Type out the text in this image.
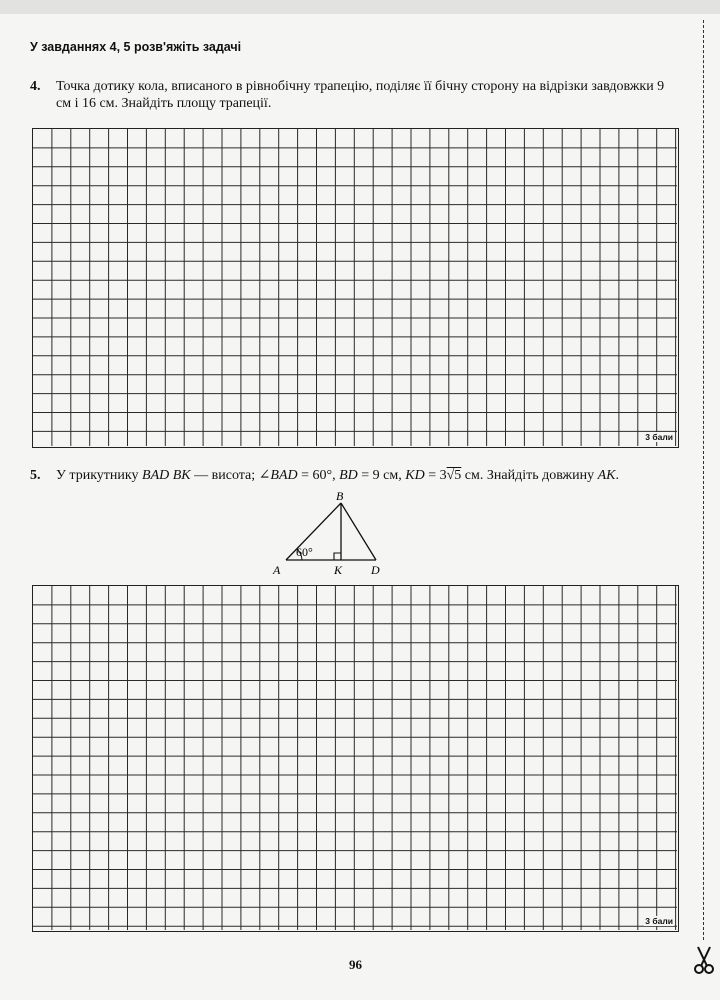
У завданнях 4, 5 розв'яжіть задачі
4. Точка дотику кола, вписаного в рівнобічну трапецію, поділяє її бічну сторону на відрізки завдовжки 9 см і 16 см. Знайдіть площу трапеції.
3 бали
5. У трикутнику BAD BK — висота; ∠BAD = 60°, BD = 9 см, KD = 3√5 см. Знайдіть довжину AK.
60°
B
A	K D
3 бали
96
